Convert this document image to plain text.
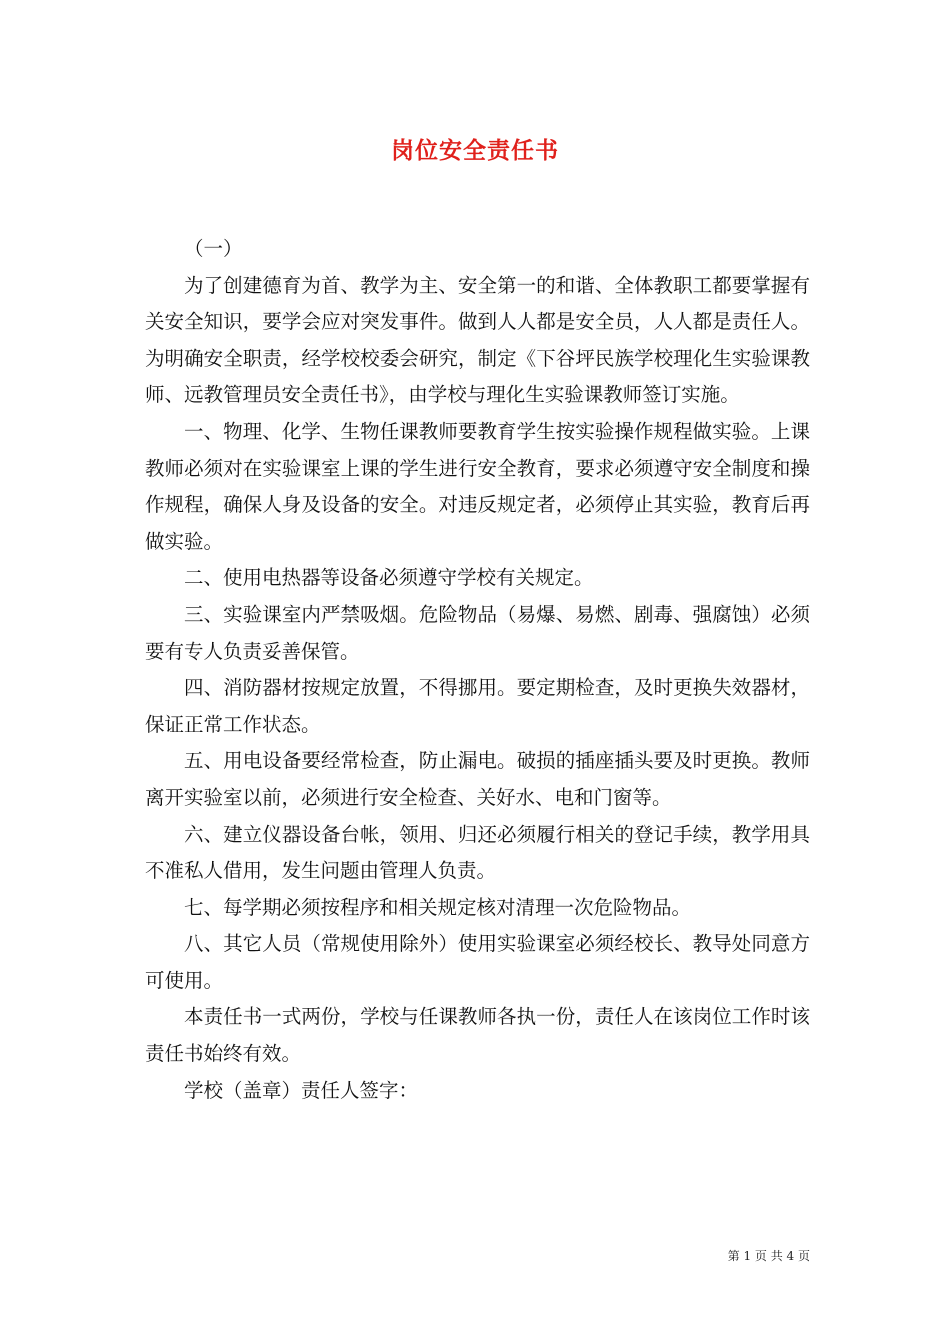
岗位安全责任书

（一）

为了创建德育为首、教学为主、安全第一的和谐、全体教职工都要掌握有关安全知识，要学会应对突发事件。做到人人都是安全员，人人都是责任人。为明确安全职责，经学校校委会研究，制定《下谷坪民族学校理化生实验课教师、远教管理员安全责任书》，由学校与理化生实验课教师签订实施。

一、物理、化学、生物任课教师要教育学生按实验操作规程做实验。上课教师必须对在实验课室上课的学生进行安全教育，要求必须遵守安全制度和操作规程，确保人身及设备的安全。对违反规定者，必须停止其实验，教育后再做实验。

二、使用电热器等设备必须遵守学校有关规定。

三、实验课室内严禁吸烟。危险物品（易爆、易燃、剧毒、强腐蚀）必须要有专人负责妥善保管。

四、消防器材按规定放置，不得挪用。要定期检查，及时更换失效器材，保证正常工作状态。

五、用电设备要经常检查，防止漏电。破损的插座插头要及时更换。教师离开实验室以前，必须进行安全检查、关好水、电和门窗等。

六、建立仪器设备台帐，领用、归还必须履行相关的登记手续，教学用具不准私人借用，发生问题由管理人负责。

七、每学期必须按程序和相关规定核对清理一次危险物品。

八、其它人员（常规使用除外）使用实验课室必须经校长、教导处同意方可使用。

本责任书一式两份，学校与任课教师各执一份，责任人在该岗位工作时该责任书始终有效。

学校（盖章）责任人签字：

第 1 页 共 4 页
